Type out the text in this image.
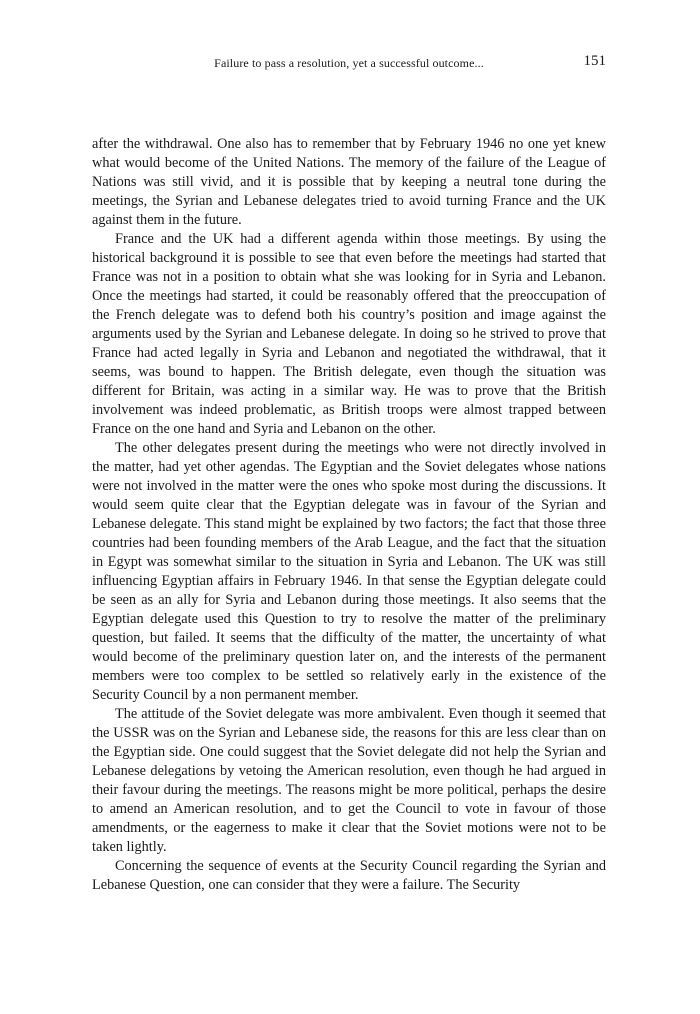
Failure to pass a resolution, yet a successful outcome...	151

after the withdrawal. One also has to remember that by February 1946 no one yet knew what would become of the United Nations. The memory of the failure of the League of Nations was still vivid, and it is possible that by keeping a neutral tone during the meetings, the Syrian and Lebanese delegates tried to avoid turning France and the UK against them in the future.

France and the UK had a different agenda within those meetings. By using the historical background it is possible to see that even before the meetings had started that France was not in a position to obtain what she was looking for in Syria and Lebanon. Once the meetings had started, it could be reasonably offered that the preoccupation of the French delegate was to defend both his country’s position and image against the arguments used by the Syrian and Lebanese delegate. In doing so he strived to prove that France had acted legally in Syria and Lebanon and negotiated the withdrawal, that it seems, was bound to happen. The British delegate, even though the situation was different for Britain, was acting in a similar way. He was to prove that the British involvement was indeed problematic, as British troops were almost trapped between France on the one hand and Syria and Lebanon on the other.

The other delegates present during the meetings who were not directly involved in the matter, had yet other agendas. The Egyptian and the Soviet delegates whose nations were not involved in the matter were the ones who spoke most during the discussions. It would seem quite clear that the Egyptian delegate was in favour of the Syrian and Lebanese delegate. This stand might be explained by two factors; the fact that those three countries had been founding members of the Arab League, and the fact that the situation in Egypt was somewhat similar to the situation in Syria and Lebanon. The UK was still influencing Egyptian affairs in February 1946. In that sense the Egyptian delegate could be seen as an ally for Syria and Lebanon during those meetings. It also seems that the Egyptian delegate used this Question to try to resolve the matter of the preliminary question, but failed. It seems that the difficulty of the matter, the uncertainty of what would become of the preliminary question later on, and the interests of the permanent members were too complex to be settled so relatively early in the existence of the Security Council by a non permanent member.

The attitude of the Soviet delegate was more ambivalent. Even though it seemed that the USSR was on the Syrian and Lebanese side, the reasons for this are less clear than on the Egyptian side. One could suggest that the Soviet delegate did not help the Syrian and Lebanese delegations by vetoing the American resolution, even though he had argued in their favour during the meetings. The reasons might be more political, perhaps the desire to amend an American resolution, and to get the Council to vote in favour of those amendments, or the eagerness to make it clear that the Soviet motions were not to be taken lightly.

Concerning the sequence of events at the Security Council regarding the Syrian and Lebanese Question, one can consider that they were a failure. The Security
